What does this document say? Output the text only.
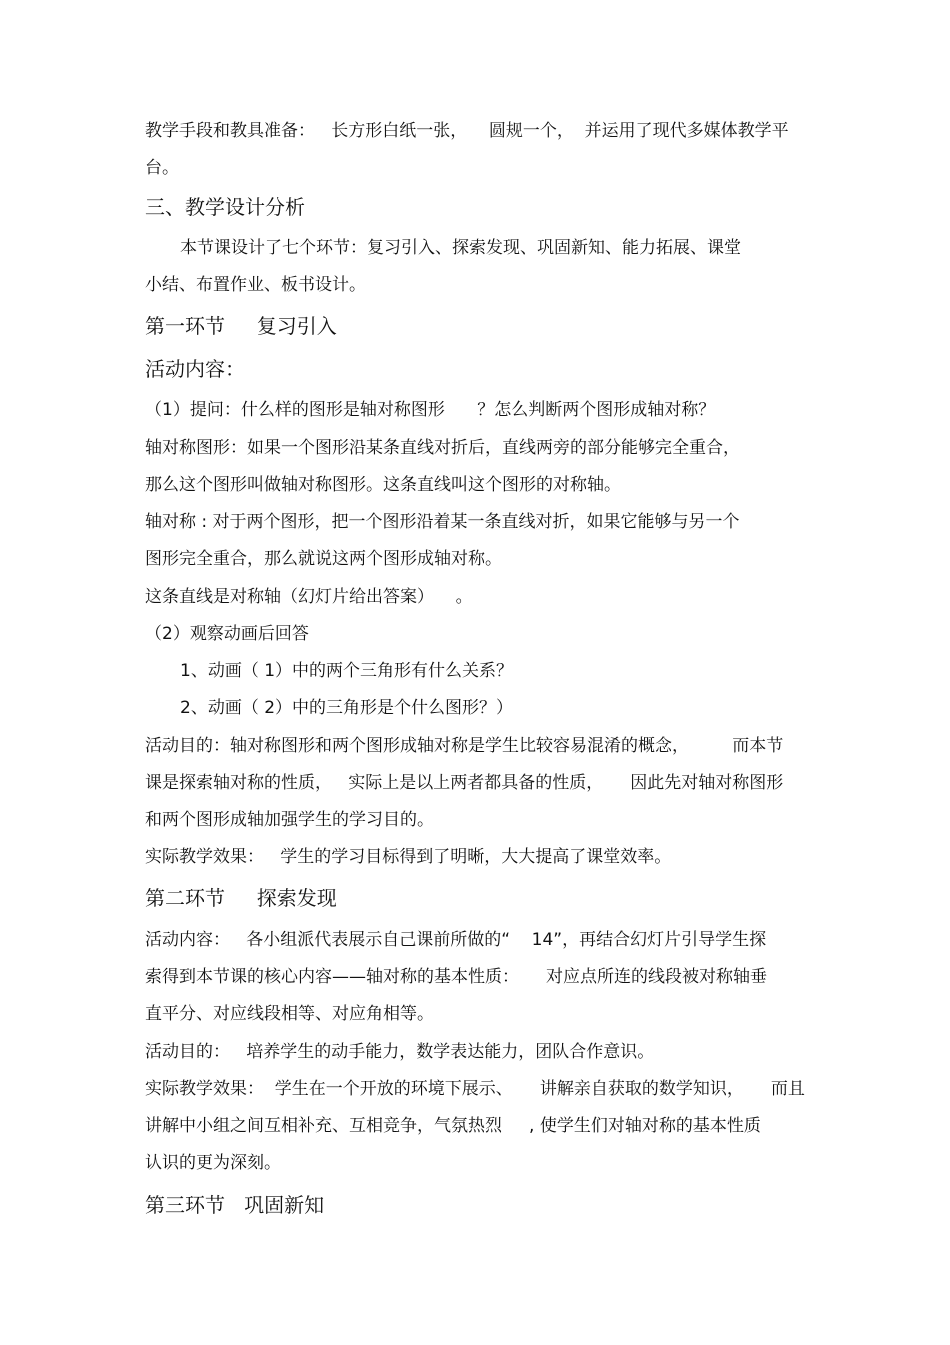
教学手段和教具准备：   长方形白纸一张，    圆规一个，  并运用了现代多媒体教学平
台。
三、教学设计分析
本节课设计了七个环节：复习引入、探索发现、巩固新知、能力拓展、课堂
小结、布置作业、板书设计。
第一环节     复习引入
活动内容：
（1）提问：什么样的图形是轴对称图形      ？怎么判断两个图形成轴对称？
轴对称图形：如果一个图形沿某条直线对折后，直线两旁的部分能够完全重合，
那么这个图形叫做轴对称图形。这条直线叫这个图形的对称轴。
轴对称 : 对于两个图形，把一个图形沿着某一条直线对折，如果它能够与另一个
图形完全重合，那么就说这两个图形成轴对称。
这条直线是对称轴（幻灯片给出答案）    。
（2）观察动画后回答
1、动画（ 1）中的两个三角形有什么关系？
2、动画（ 2）中的三角形是个什么图形？）
活动目的：轴对称图形和两个图形成轴对称是学生比较容易混淆的概念，        而本节
课是探索轴对称的性质，   实际上是以上两者都具备的性质，     因此先对轴对称图形
和两个图形成轴加强学生的学习目的。
实际教学效果：   学生的学习目标得到了明晰，大大提高了课堂效率。
第二环节     探索发现
活动内容：   各小组派代表展示自己课前所做的“    14”，再结合幻灯片引导学生探
索得到本节课的核心内容——轴对称的基本性质：     对应点所连的线段被对称轴垂
直平分、对应线段相等、对应角相等。
活动目的：   培养学生的动手能力，数学表达能力，团队合作意识。
实际教学效果：  学生在一个开放的环境下展示、     讲解亲自获取的数学知识，     而且
讲解中小组之间互相补充、互相竞争，气氛热烈     , 使学生们对轴对称的基本性质
认识的更为深刻。
第三环节   巩固新知
